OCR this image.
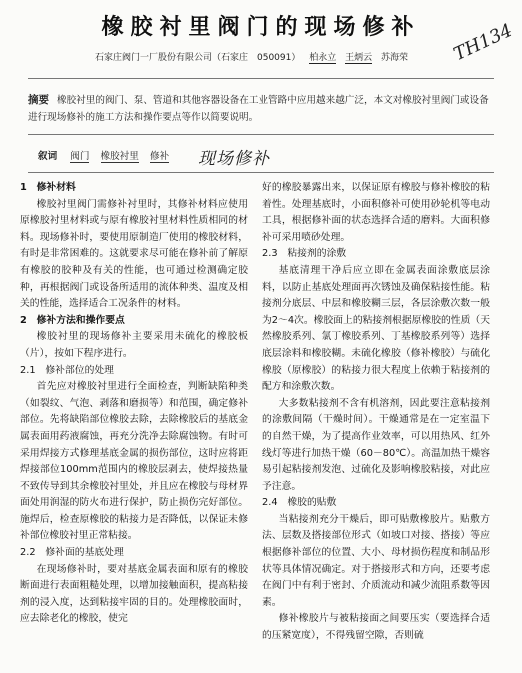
橡胶衬里阀门的现场修补	TH134
石家庄阀门一厂股份有限公司（石家庄　050091） 柏永立 王炳云 苏海荣
摘要 橡胶衬里的阀门、泵、管道和其他容器设备在工业管路中应用越来越广泛，本文对橡胶衬里阀门或设备进行现场修补的施工方法和操作要点等作以简要说明。
叙词 阀门 橡胶衬里 修补	现场修补
1　修补材料

橡胶衬里阀门需修补衬里时，其修补材料应使用原橡胶衬里材料或与原有橡胶衬里材料性质相同的材料。现场修补时，要使用原制造厂使用的橡胶材料，有时是非常困难的。这就要求尽可能在修补前了解原有橡胶的胶种及有关的性能，也可通过检测确定胶种，再根据阀门或设备所适用的流体种类、温度及相关的性能，选择适合工况条件的材料。

2　修补方法和操作要点

橡胶衬里的现场修补主要采用未硫化的橡胶板（片），按如下程序进行。

2.1　修补部位的处理

首先应对橡胶衬里进行全面检查，判断缺陷种类（如裂纹、气泡、剥落和磨损等）和范围，确定修补部位。先将缺陷部位橡胶去除，去除橡胶后的基底金属表面用药液腐蚀，再充分洗净去除腐蚀物。有时可采用焊接方式修理基底金属的损伤部位，这时应将距焊接部位100mm范围内的橡胶层剥去，使焊接热量不致传导到其余橡胶衬里处，并且应在橡胶与母材界面处用润湿的防火布进行保护，防止损伤完好部位。施焊后，检查原橡胶的粘接力是否降低，以保证未修补部位橡胶衬里正常粘接。

2.2　修补面的基底处理

在现场修补时，要对基底金属表面和原有的橡胶断面进行表面粗糙处理，以增加接触面积，提高粘接剂的浸入度，达到粘接牢固的目的。处理橡胶面时，应去除老化的橡胶，使完

好的橡胶暴露出来，以保证原有橡胶与修补橡胶的粘着性。处理基底时，小面积修补可使用砂轮机等电动工具，根据修补面的状态选择合适的磨料。大面积修补可采用喷砂处理。

2.3　粘接剂的涂敷

基底清理干净后应立即在金属表面涂敷底层涂料，以防止基底处理面再次锈蚀及确保粘接性能。粘接剂分底层、中层和橡胶糊三层，各层涂敷次数一般为2～4次。橡胶面上的粘接剂根据原橡胶的性质（天然橡胶系列、氯丁橡胶系列、丁基橡胶系列等）选择底层涂料和橡胶糊。未硫化橡胶（修补橡胶）与硫化橡胶（原橡胶）的粘接力很大程度上依赖于粘接剂的配方和涂敷次数。

大多数粘接剂不含有机溶剂，因此要注意粘接剂的涂敷间隔（干燥时间）。干燥通常是在一定室温下的自然干燥，为了提高作业效率，可以用热风、红外线灯等进行加热干燥（60－80℃）。高温加热干燥容易引起粘接剂发泡、过硫化及影响橡胶粘接，对此应予注意。

2.4　橡胶的贴敷

当粘接剂充分干燥后，即可贴敷橡胶片。贴敷方法、层数及搭接部位形式（如坡口对接、搭接）等应根据修补部位的位置、大小、母材损伤程度和制品形状等具体情况确定。对于搭接形式和方向，还要考虑在阀门中有利于密封、介质流动和减少流阻系数等因素。

修补橡胶片与被粘接面之间要压实（要选择合适的压紧宽度），不得残留空隙，否则硫
